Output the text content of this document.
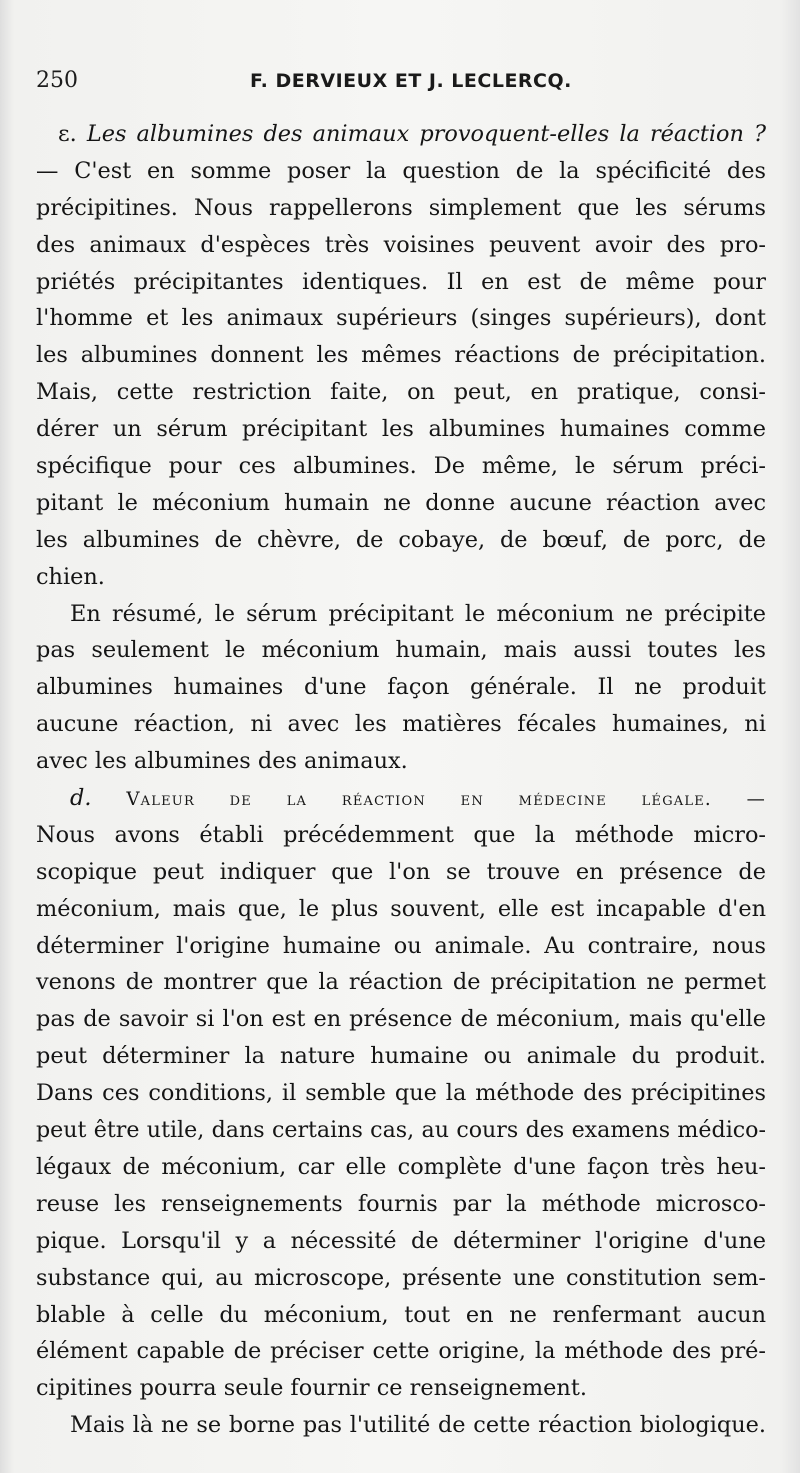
250	F. DERVIEUX ET J. LECLERCQ.
ε. Les albumines des animaux provoquent-elles la réaction ?
— C'est en somme poser la question de la spécificité des
précipitines. Nous rappellerons simplement que les sérums
des animaux d'espèces très voisines peuvent avoir des pro-
priétés précipitantes identiques. Il en est de même pour
l'homme et les animaux supérieurs (singes supérieurs), dont
les albumines donnent les mêmes réactions de précipitation.
Mais, cette restriction faite, on peut, en pratique, consi-
dérer un sérum précipitant les albumines humaines comme
spécifique pour ces albumines. De même, le sérum préci-
pitant le méconium humain ne donne aucune réaction avec
les albumines de chèvre, de cobaye, de bœuf, de porc, de
chien.
En résumé, le sérum précipitant le méconium ne précipite
pas seulement le méconium humain, mais aussi toutes les
albumines humaines d'une façon générale. Il ne produit
aucune réaction, ni avec les matières fécales humaines, ni
avec les albumines des animaux.
d. Valeur de la réaction en médecine légale. —
Nous avons établi précédemment que la méthode micro-
scopique peut indiquer que l'on se trouve en présence de
méconium, mais que, le plus souvent, elle est incapable d'en
déterminer l'origine humaine ou animale. Au contraire, nous
venons de montrer que la réaction de précipitation ne permet
pas de savoir si l'on est en présence de méconium, mais qu'elle
peut déterminer la nature humaine ou animale du produit.
Dans ces conditions, il semble que la méthode des précipitines
peut être utile, dans certains cas, au cours des examens médico-
légaux de méconium, car elle complète d'une façon très heu-
reuse les renseignements fournis par la méthode microsco-
pique. Lorsqu'il y a nécessité de déterminer l'origine d'une
substance qui, au microscope, présente une constitution sem-
blable à celle du méconium, tout en ne renfermant aucun
élément capable de préciser cette origine, la méthode des pré-
cipitines pourra seule fournir ce renseignement.
Mais là ne se borne pas l'utilité de cette réaction biologique.
